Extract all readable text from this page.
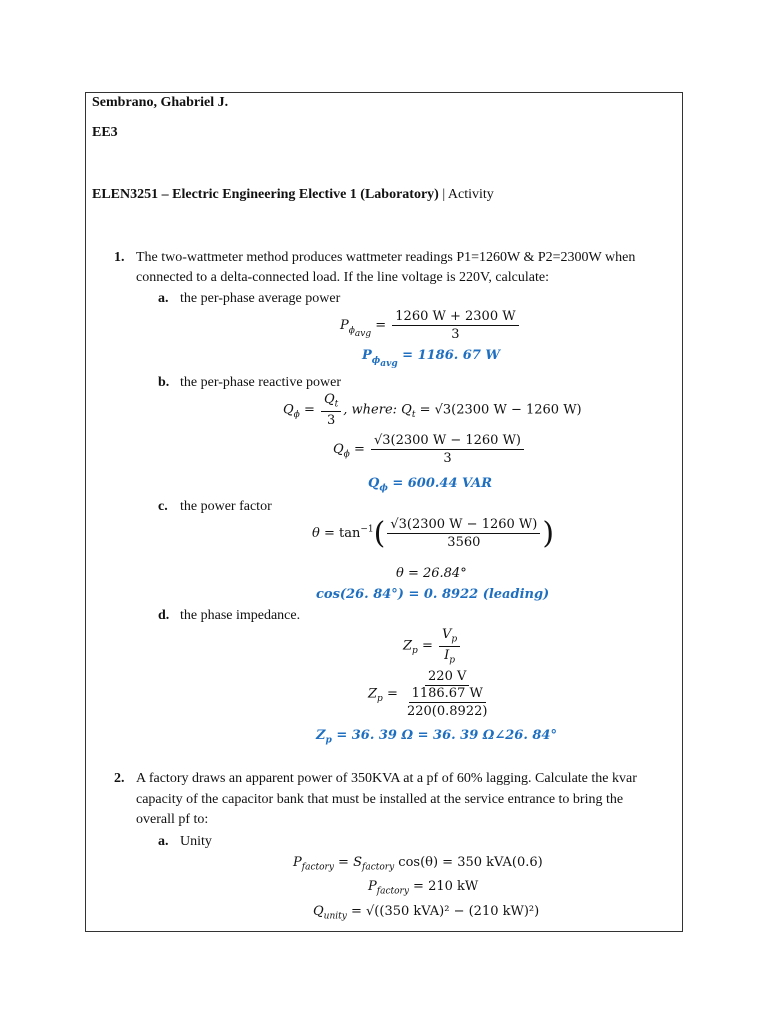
Sembrano, Ghabriel J.
EE3
ELEN3251 – Electric Engineering Elective 1 (Laboratory) | Activity
1. The two-wattmeter method produces wattmeter readings P1=1260W & P2=2300W when
connected to a delta-connected load. If the line voltage is 220V, calculate:
a. the per-phase average power
$P_{\phi_{avg}} = \frac{1260 W + 2300 W}{3}$
$P_{\phi_{avg}} = 1186$. 67 W
b. the per-phase reactive power
$Q_\phi = \frac{Q_t}{3}$ , where: $Q_t = √3(2300$ W − 1260 W)
$Q_\phi = \frac{√3(2300 W - 1260 W)}{3}$
$Q_\phi = 600.44$ VAR
c. the power factor
$\theta = \tan^{-1}( \frac{√3(2300 W - 1260 W)}{3560}$ )
θ = 26.84°
cos(26. 84°) = 0. 8922 (leading)
d. the phase impedance.
$Z_p = \frac{V_p}{I_p}$
$Z_p$ =
220 V
1186.67 W
220(0.8922)
$Z_p = 36$. 39 Ω = 36. 39 Ω∠26. 84°
2. A factory draws an apparent power of 350KVA at a pf of 60% lagging. Calculate the kvar
capacity of the capacitor bank that must be installed at the service entrance to bring the
overall pf to:
a. Unity
$P_{factory} = S_{factory}$ cos(θ) = 350 kVA(0.6)
$P_{factory} = 210$ kW
$Q_{unity} = √((350$ kVA)² − (210 kW)²)
